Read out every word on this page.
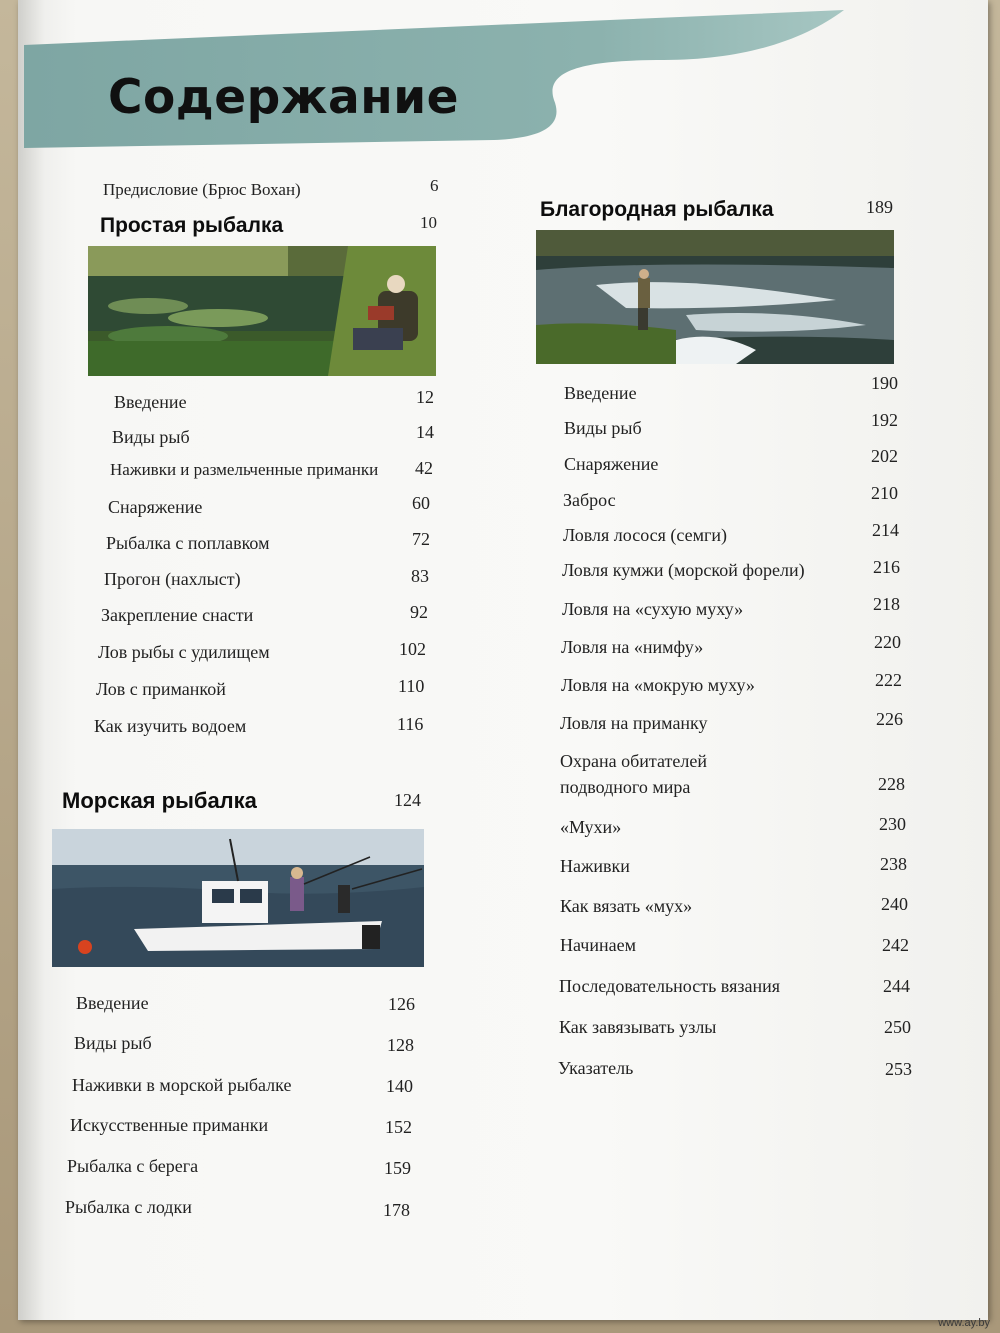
Содержание
Предисловие (Брюс Вохан)	6
Простая рыбалка	10
Введение	12
Виды рыб	14
Наживки и размельченные приманки 42
Снаряжение	60
Рыбалка с поплавком	72
Прогон (нахлыст)	83
Закрепление снасти	92
Лов рыбы с удилищем	102
Лов с приманкой	110
Как изучить водоем	116
Морская рыбалка	124
Введение	126
Виды рыб	128
Наживки в морской рыбалке	140
Искусственные приманки	152
Рыбалка с берега	159
Рыбалка с лодки	178
Благородная рыбалка	189
Введение	190
Виды рыб	192
Снаряжение	202
Заброс	210
Ловля лосося (семги)	214
Ловля кумжи (морской форели)	216
Ловля на «сухую муху»	218
Ловля на «нимфу»	220
Ловля на «мокрую муху»	222
Ловля на приманку	226
Охрана обитателей
подводного мира	228
«Мухи»	230
Наживки	238
Как вязать «мух»	240
Начинаем	242
Последовательность вязания	244
Как завязывать узлы	250
Указатель	253
www.ay.by
